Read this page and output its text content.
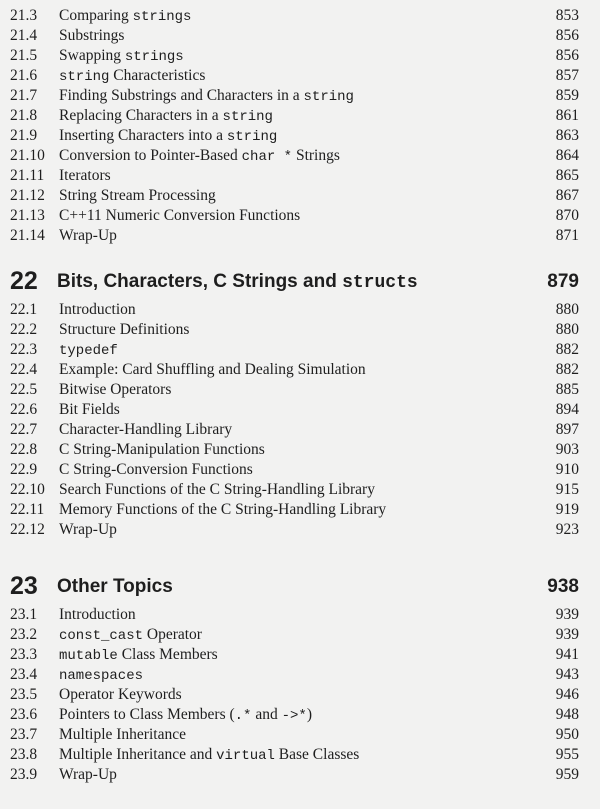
21.3 Comparing strings	853
21.4 Substrings	856
21.5 Swapping strings	856
21.6 string Characteristics	857
21.7 Finding Substrings and Characters in a string	859
21.8 Replacing Characters in a string	861
21.9 Inserting Characters into a string	863
21.10 Conversion to Pointer-Based char * Strings	864
21.11 Iterators	865
21.12 String Stream Processing	867
21.13 C++11 Numeric Conversion Functions	870
21.14 Wrap-Up	871
22 Bits, Characters, C Strings and structs	879
22.1 Introduction	880
22.2 Structure Definitions	880
22.3 typedef	882
22.4 Example: Card Shuffling and Dealing Simulation	882
22.5 Bitwise Operators	885
22.6 Bit Fields	894
22.7 Character-Handling Library	897
22.8 C String-Manipulation Functions	903
22.9 C String-Conversion Functions	910
22.10 Search Functions of the C String-Handling Library	915
22.11 Memory Functions of the C String-Handling Library	919
22.12 Wrap-Up	923
23 Other Topics	938
23.1 Introduction	939
23.2 const_cast Operator	939
23.3 mutable Class Members	941
23.4 namespaces	943
23.5 Operator Keywords	946
23.6 Pointers to Class Members (.* and ->*)	948
23.7 Multiple Inheritance	950
23.8 Multiple Inheritance and virtual Base Classes	955
23.9 Wrap-Up	959
